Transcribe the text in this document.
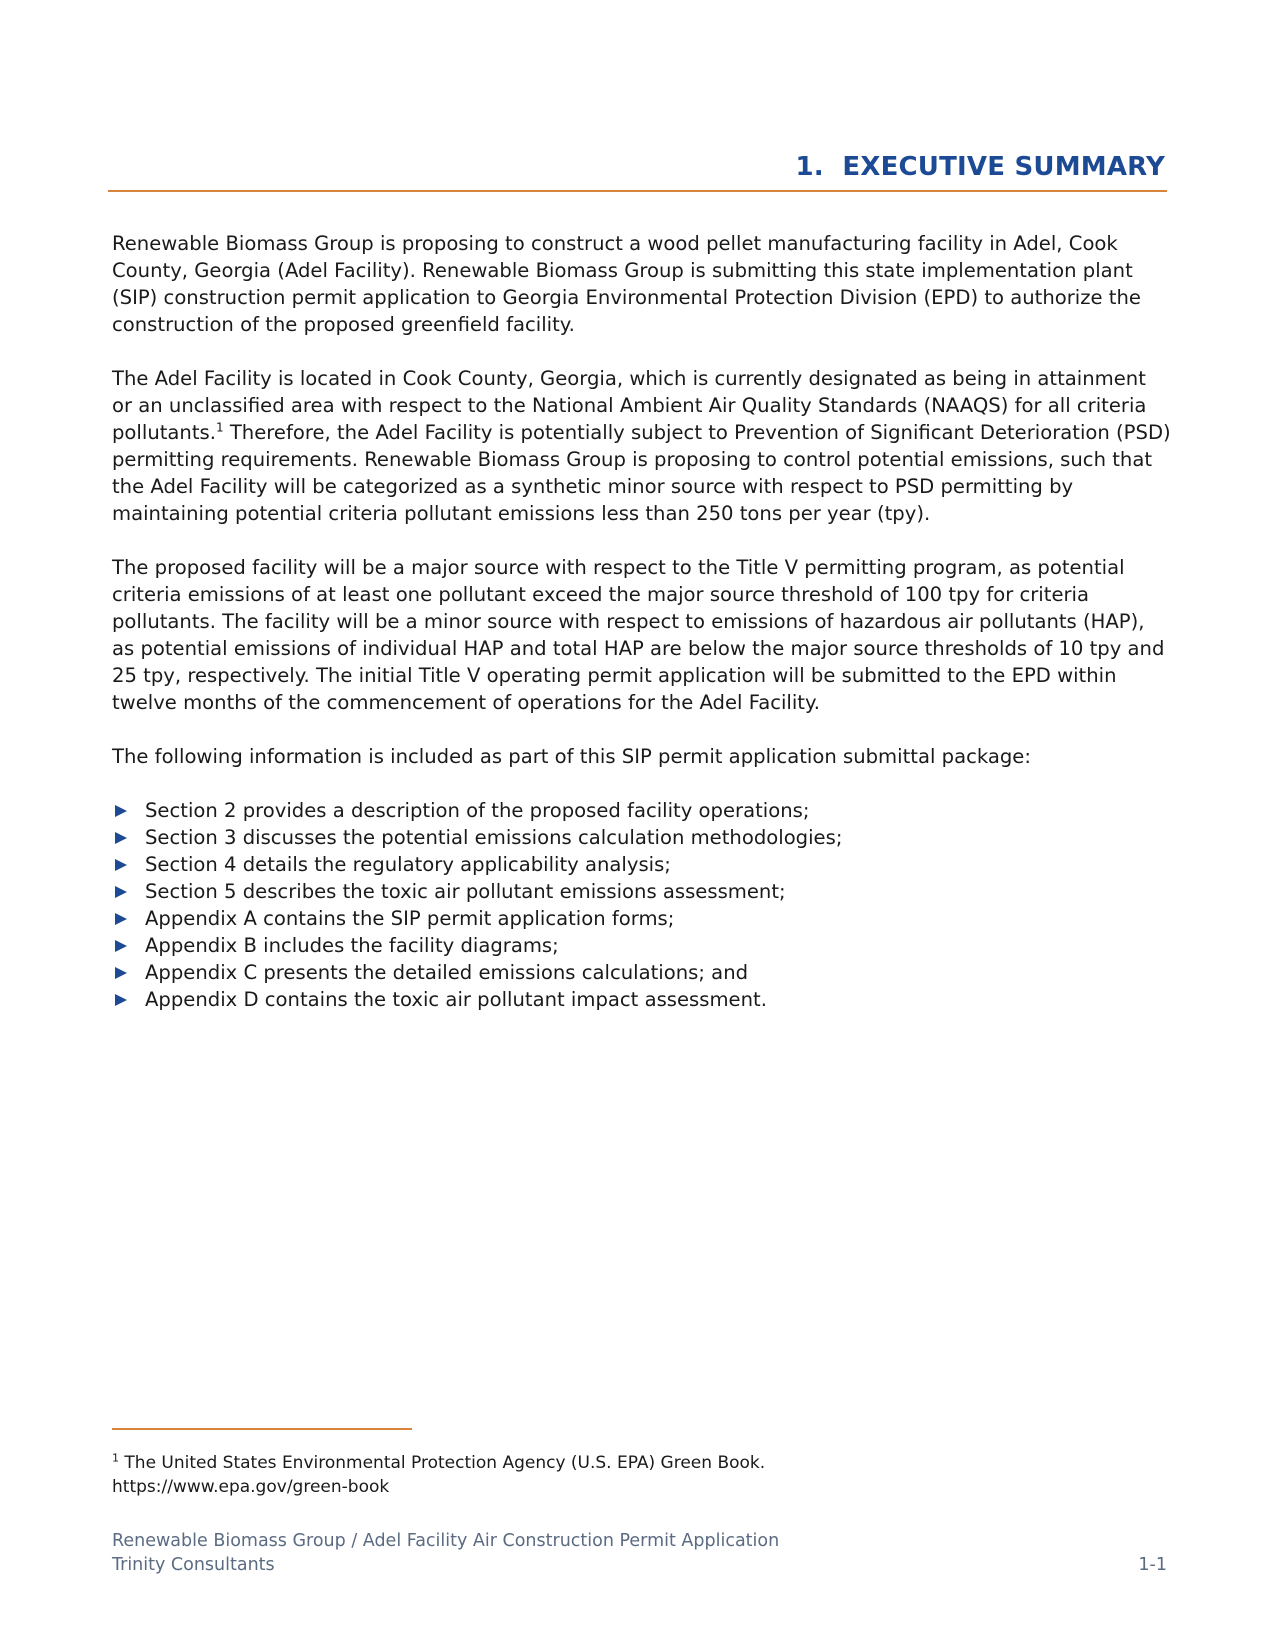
1. EXECUTIVE SUMMARY

Renewable Biomass Group is proposing to construct a wood pellet manufacturing facility in Adel, Cook County, Georgia (Adel Facility). Renewable Biomass Group is submitting this state implementation plant (SIP) construction permit application to Georgia Environmental Protection Division (EPD) to authorize the construction of the proposed greenfield facility.

The Adel Facility is located in Cook County, Georgia, which is currently designated as being in attainment or an unclassified area with respect to the National Ambient Air Quality Standards (NAAQS) for all criteria pollutants.$^1$ Therefore, the Adel Facility is potentially subject to Prevention of Significant Deterioration (PSD) permitting requirements. Renewable Biomass Group is proposing to control potential emissions, such that the Adel Facility will be categorized as a synthetic minor source with respect to PSD permitting by maintaining potential criteria pollutant emissions less than 250 tons per year (tpy).

The proposed facility will be a major source with respect to the Title V permitting program, as potential criteria emissions of at least one pollutant exceed the major source threshold of 100 tpy for criteria pollutants. The facility will be a minor source with respect to emissions of hazardous air pollutants (HAP), as potential emissions of individual HAP and total HAP are below the major source thresholds of 10 tpy and 25 tpy, respectively. The initial Title V operating permit application will be submitted to the EPD within twelve months of the commencement of operations for the Adel Facility.

The following information is included as part of this SIP permit application submittal package:

Section 2 provides a description of the proposed facility operations;
Section 3 discusses the potential emissions calculation methodologies;
Section 4 details the regulatory applicability analysis;
Section 5 describes the toxic air pollutant emissions assessment;
Appendix A contains the SIP permit application forms;
Appendix B includes the facility diagrams;
Appendix C presents the detailed emissions calculations; and
Appendix D contains the toxic air pollutant impact assessment.
$^1$ The United States Environmental Protection Agency (U.S. EPA) Green Book.
https://www.epa.gov/green-book
Renewable Biomass Group / Adel Facility Air Construction Permit Application
Trinity Consultants	1-1
